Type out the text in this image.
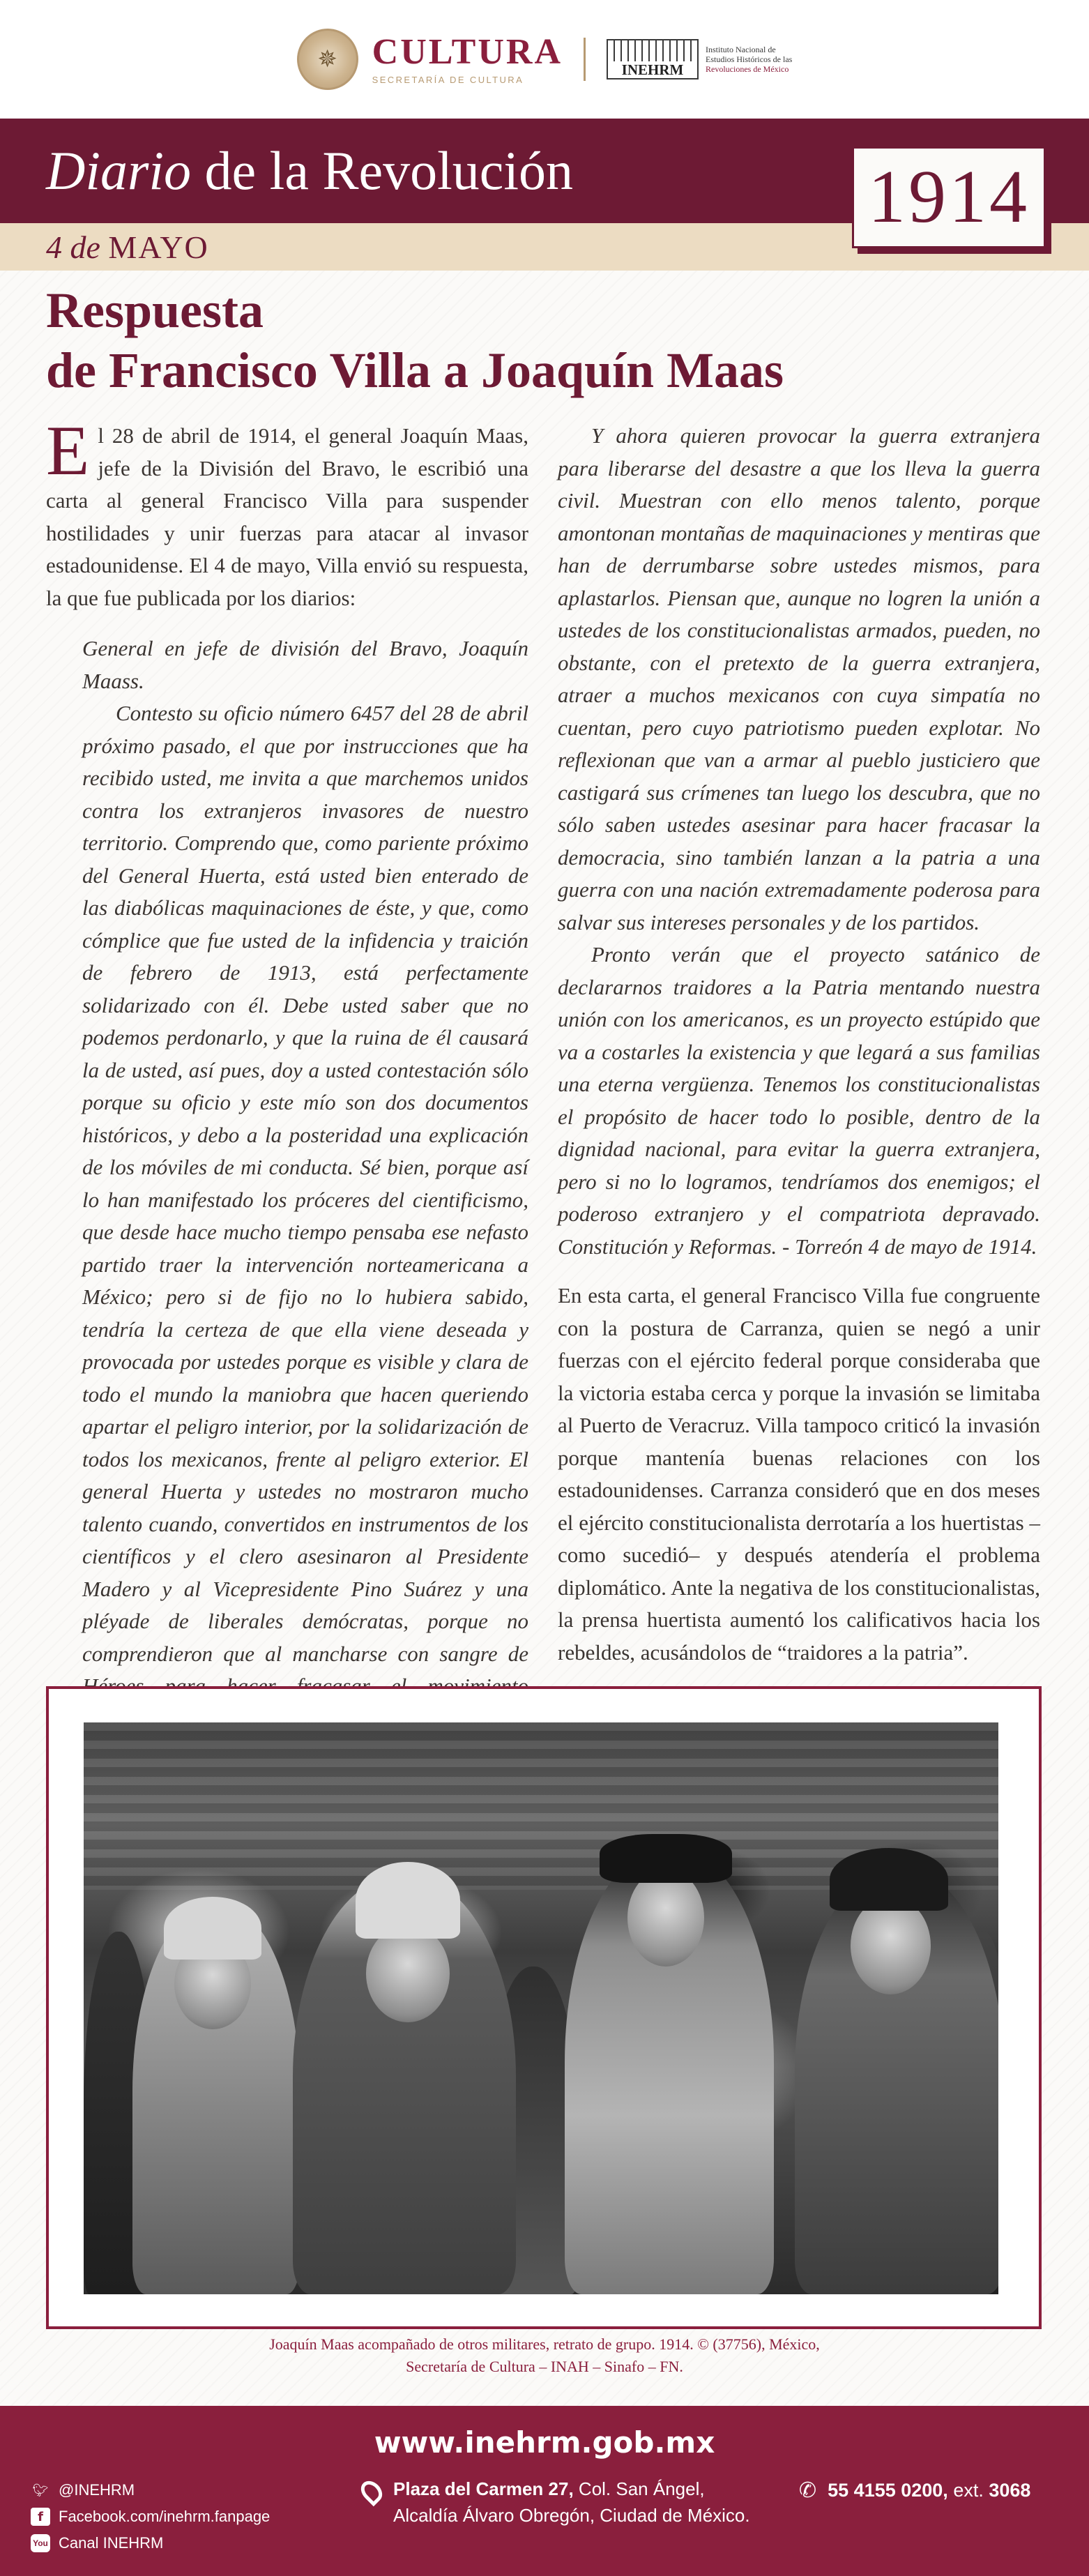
✵ CULTURA
SECRETARÍA DE CULTURA
INEHRM
Instituto Nacional de
Estudios Históricos de las
Revoluciones de México
Diario de la Revolución
4 de MAYO
1914
Respuesta
de Francisco Villa a Joaquín Maas

El 28 de abril de 1914, el general Joaquín Maas, jefe de la División del Bravo, le escribió una carta al general Francisco Villa para suspender hostilidades y unir fuerzas para atacar al invasor estadounidense. El 4 de mayo, Villa envió su respuesta, la que fue publicada por los diarios:

General en jefe de división del Bravo, Joaquín Maass.

Contesto su oficio número 6457 del 28 de abril próximo pasado, el que por instrucciones que ha recibido usted, me invita a que marchemos unidos contra los extranjeros invasores de nuestro territorio. Comprendo que, como pariente próximo del General Huerta, está usted bien enterado de las diabólicas maquinaciones de éste, y que, como cómplice que fue usted de la infidencia y traición de febrero de 1913, está perfectamente solidarizado con él. Debe usted saber que no podemos perdonarlo, y que la ruina de él causará la de usted, así pues, doy a usted contestación sólo porque su oficio y este mío son dos documentos históricos, y debo a la posteridad una explicación de los móviles de mi conducta. Sé bien, porque así lo han manifestado los próceres del cientificismo, que desde hace mucho tiempo pensaba ese nefasto partido traer la intervención norteamericana a México; pero si de fijo no lo hubiera sabido, tendría la certeza de que ella viene deseada y provocada por ustedes porque es visible y clara de todo el mundo la maniobra que hacen queriendo apartar el peligro interior, por la solidarización de todos los mexicanos, frente al peligro exterior. El general Huerta y ustedes no mostraron mucho talento cuando, convertidos en instrumentos de los científicos y el clero asesinaron al Presidente Madero y al Vicepresidente Pino Suárez y una pléyade de liberales demócratas, porque no comprendieron que al mancharse con sangre de

Y ahora quieren provocar la guerra extranjera para liberarse del desastre a que los lleva la guerra civil. Muestran con ello menos talento, porque amontonan montañas de maquinaciones y mentiras que han de derrumbarse sobre ustedes mismos, para aplastarlos. Piensan que, aunque no logren la unión a ustedes de los constitucionalistas armados, pueden, no obstante, con el pretexto de la guerra extranjera, atraer a muchos mexicanos con cuya simpatía no cuentan, pero cuyo patriotismo pueden explotar. No reflexionan que van a armar al pueblo justiciero que castigará sus crímenes tan luego los descubra, que no sólo saben ustedes asesinar para hacer fracasar la democracia, sino también lanzan a la patria a una guerra con una nación extremadamente poderosa para salvar sus intereses personales y de los partidos.

Pronto verán que el proyecto satánico de declararnos traidores a la Patria mentando nuestra unión con los americanos, es un proyecto estúpido que va a costarles la existencia y que legará a sus familias una eterna vergüenza. Tenemos los constitucionalistas el propósito de hacer todo lo posible, dentro de la dignidad nacional, para evitar la guerra extranjera, pero si no lo logramos, tendríamos dos enemigos; el poderoso extranjero y el compatriota depravado. Constitución y Reformas. - Torreón 4 de mayo de 1914.

En esta carta, el general Francisco Villa fue congruente con la postura de Carranza, quien se negó a unir fuerzas con el ejército federal porque consideraba que la victoria estaba cerca y porque la invasión se limitaba al Puerto de Veracruz. Villa tampoco criticó la invasión porque mantenía buenas relaciones con los estadounidenses. Carranza consideró que en dos meses el ejército constitucionalista derrotaría a los huertistas –como sucedió– y después atendería el problema diplomático. Ante la negativa de los constitucionalistas, la prensa huertista aumentó los calificativos hacia los rebeldes, acusándolos de “traidores a la patria”.

Joaquín Maas acompañado de otros militares, retrato de grupo. 1914. © (37756), México,
Secretaría de Cultura – INAH – Sinafo – FN.
www.inehrm.gob.mx
🐦︎ @INEHRM
f	Facebook.com/inehrm.fanpage
You Canal INEHRM
Plaza del Carmen 27, Col. San Ángel,
Alcaldía Álvaro Obregón, Ciudad de México.
✆ 55 4155 0200, ext. 3068
